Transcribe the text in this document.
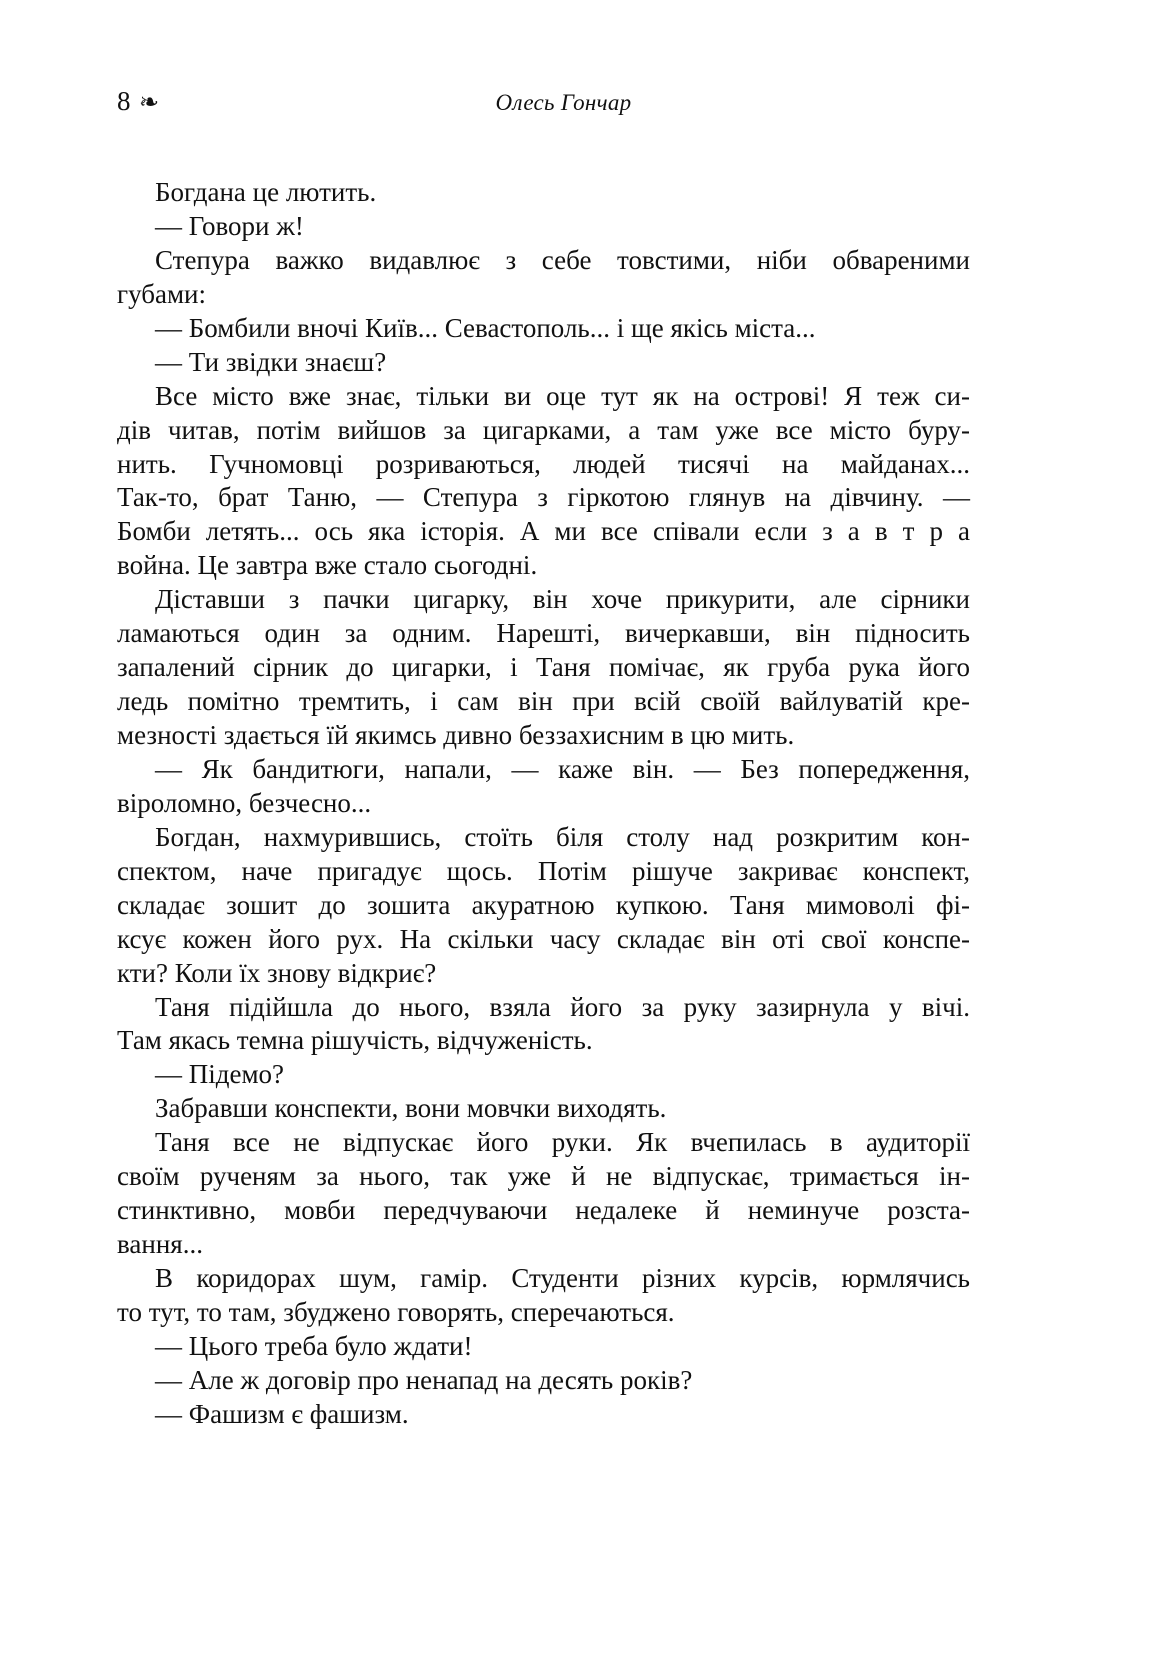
8 ❧	Олесь Гончар
Богдана це лютить.
— Говори ж!
Степура важко видавлює з себе товстими, ніби обвареними
губами:
— Бомбили вночі Київ... Севастополь... і ще якісь міста...
— Ти звідки знаєш?
Все місто вже знає, тільки ви оце тут як на острові! Я теж си-
дів читав, потім вийшов за цигарками, а там уже все місто буру-
нить. Гучномовці розриваються, людей тисячі на майданах...
Так-то, брат Таню, — Степура з гіркотою глянув на дівчину. —
Бомби летять... ось яка історія. А ми все співали если з а в т р а
война. Це завтра вже стало сьогодні.
Діставши з пачки цигарку, він хоче прикурити, але сірники
ламаються один за одним. Нарешті, вичеркавши, він підносить
запалений сірник до цигарки, і Таня помічає, як груба рука його
ледь помітно тремтить, і сам він при всій своїй вайлуватій кре-
мезності здається їй якимсь дивно беззахисним в цю мить.
— Як бандитюги, напали, — каже він. — Без попередження,
віроломно, безчесно...
Богдан, нахмурившись, стоїть біля столу над розкритим кон-
спектом, наче пригадує щось. Потім рішуче закриває конспект,
складає зошит до зошита акуратною купкою. Таня мимоволі фі-
ксує кожен його рух. На скільки часу складає він оті свої конспе-
кти? Коли їх знову відкриє?
Таня підійшла до нього, взяла його за руку зазирнула у вічі.
Там якась темна рішучість, відчуженість.
— Підемо?
Забравши конспекти, вони мовчки виходять.
Таня все не відпускає його руки. Як вчепилась в аудиторії
своїм рученям за нього, так уже й не відпускає, тримається ін-
стинктивно, мовби передчуваючи недалеке й неминуче розста-
вання...
В коридорах шум, гамір. Студенти різних курсів, юрмлячись
то тут, то там, збуджено говорять, сперечаються.
— Цього треба було ждати!
— Але ж договір про ненапад на десять років?
— Фашизм є фашизм.
